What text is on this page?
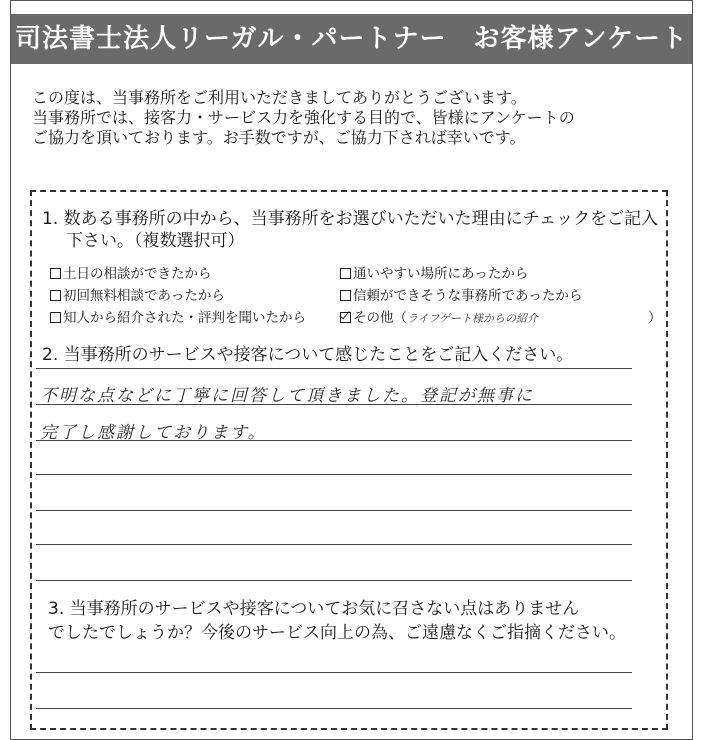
司法書士法人リーガル・パートナー　お客様アンケート
この度は、当事務所をご利用いただきましてありがとうございます。
当事務所では、接客力・サービス力を強化する目的で、皆様にアンケートの
ご協力を頂いております。お手数ですが、ご協力下されば幸いです。
1. 数ある事務所の中から、当事務所をお選びいただいた理由にチェックをご記入
下さい。（複数選択可）
土日の相談ができたから	通いやすい場所にあったから
初回無料相談であったから	信頼ができそうな事務所であったから
知人から紹介された・評判を聞いたから	その他（ライフゲート様からの紹介	）
2. 当事務所のサービスや接客について感じたことをご記入ください。
不明な点などに丁寧に回答して頂きました。登記が無事に
完了し感謝しております。
3. 当事務所のサービスや接客についてお気に召さない点はありません
でしたでしょうか？今後のサービス向上の為、ご遠慮なくご指摘ください。
